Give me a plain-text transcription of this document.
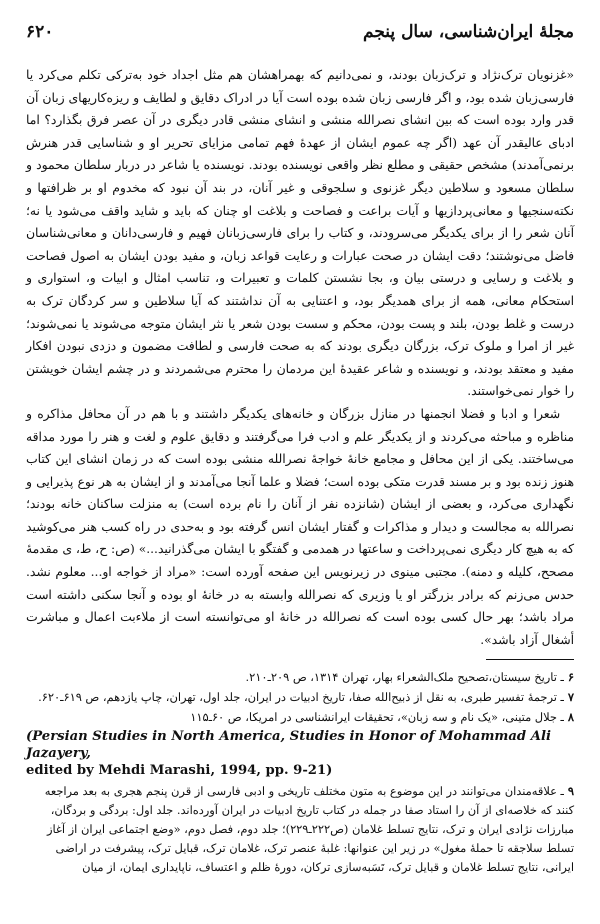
۶۲۰	مجلهٔ ایران‌شناسی، سال پنجم

«غزنویان ترک‌نژاد و ترک‌زبان بودند، و نمی‌دانیم که بهمراهشان هم مثل اجداد خود به‌ترکی تکلم می‌کرد یا فارسی‌زبان شده بود، و اگر فارسی زبان شده بوده است آیا در ادراک دقایق و لطایف و ریزه‌کاریهای زبان آن قدر وارد بوده است که بین انشای نصرالله منشی و انشای منشی قادر دیگری در آن عصر فرق بگذارد؟ اما ادبای عالیقدر آن عهد (اگر چه عموم ایشان از عهدهٔ فهم تمامی مزایای تحریر او و شناسایی قدر هنرش برنمی‌آمدند) مشخص حقیقی و مطلع نظر واقعی نویسنده بودند. نویسنده یا شاعر در دربار سلطان محمود و سلطان مسعود و سلاطین دیگر غزنوی و سلجوقی و غیر آنان، در بند آن نبود که مخدوم او بر ظرافتها و نکته‌سنجیها و معانی‌پردازیها و آیات براعت و فصاحت و بلاغت او چنان که باید و شاید واقف می‌شود یا نه؛ آنان شعر را از برای یکدیگر می‌سرودند، و کتاب را برای فارسی‌زبانان فهیم و فارسی‌دانان و معانی‌شناسان فاضل می‌نوشتند؛ دقت ایشان در صحت عبارات و رعایت قواعد زبان، و مفید بودن ایشان به اصول فصاحت و بلاغت و رسایی و درستی بیان و، بجا نشستن کلمات و تعبیرات و، تناسب امثال و ابیات و، استواری و استحکام معانی، همه از برای همدیگر بود، و اعتنایی به آن نداشتند که آیا سلاطین و سر کردگان ترک به درست و غلط بودن، بلند و پست بودن، محکم و سست بودن شعر یا نثر ایشان متوجه می‌شوند یا نمی‌شوند؛ غیر از امرا و ملوک ترک، بزرگان دیگری بودند که به صحت فارسی و لطافت مضمون و دزدی نبودن افکار مفید و معتقد بودند، و نویسنده و شاعر عقیدهٔ این مردمان را محترم می‌شمردند و در چشم ایشان خویشتن را خوار نمی‌خواستند.

شعرا و ادبا و فضلا انجمنها در منازل بزرگان و خانه‌های یکدیگر داشتند و با هم در آن محافل مذاکره و مناظره و مباحثه می‌کردند و از یکدیگر علم و ادب فرا می‌گرفتند و دقایق علوم و لغت و هنر را مورد مداقه می‌ساختند. یکی از این محافل و مجامع خانهٔ خواجهٔ نصرالله منشی بوده است که در زمان انشای این کتاب هنوز زنده بود و بر مسند قدرت متکی بوده است؛ فضلا و علما آنجا می‌آمدند و از ایشان به هر نوع پذیرایی و نگهداری می‌کرد، و بعضی از ایشان (شانزده نفر از آنان را نام برده است) به منزلت ساکنان خانه بودند؛ نصرالله به مجالست و دیدار و مذاکرات و گفتار ایشان انس گرفته بود و به‌حدی در راه کسب هنر می‌کوشید که به هیچ کار دیگری نمی‌پرداخت و ساعتها در همدمی و گفتگو با ایشان می‌گذرانید...» (ص: ح، ط، ی مقدمهٔ مصحح، کلیله و دمنه). مجتبی مینوی در زیرنویس این صفحه آورده است: «مراد از خواجه او... معلوم نشد. حدس می‌زنم که برادر بزرگتر او یا وزیری که نصرالله وابسته به در خانهٔ او بوده و آنجا سکنی داشته است مراد باشد؛ بهر حال کسی بوده است که نصرالله در خانهٔ او می‌توانسته است از ملاءبت اعمال و مباشرت أشغال آزاد باشد».

۶ـ تاریخ سیستان،تصحیح ملک‌الشعراء بهار، تهران ۱۳۱۴، ص ۲۰۹ـ۲۱۰.

۷ـ ترجمهٔ تفسیر طبری، به نقل از ذبیح‌الله صفا، تاریخ ادبیات در ایران، جلد اول، تهران، چاپ یازدهم، ص ۶۱۹ـ۶۲۰.

۸ـ جلال متینی، «یک نام و سه زبان»، تحقیقات ایرانشناسی در امریکا، ص ۶۰ـ۱۱۵

(Persian Studies in North America, Studies in Honor of Mohammad Ali Jazayery,
edited by Mehdi Marashi, 1994, pp. 9-21)

۹ـ علاقه‌مندان می‌توانند در این موضوع به متون مختلف تاریخی و ادبی فارسی از قرن پنجم هجری به بعد مراجعه کنند که خلاصه‌ای از آن را استاد صفا در جمله در کتاب تاریخ ادبیات در ایران آورده‌اند. جلد اول: بردگی و بردگان، مبارزات نژادی ایران و ترک، نتایج تسلط غلامان (ص۲۲۲ـ۲۲۹)؛ جلد دوم، فصل دوم، «وضع اجتماعی ایران از آغاز تسلط سلاجقه تا حملهٔ مغول» در زیر این عنوانها: غلبهٔ عنصر ترک، غلامان ترک، قبایل ترک، پیشرفت در اراضی ایرانی، نتایج تسلط غلامان و قبایل ترک، تَسَبه‌سازی ترکان، دورهٔ ظلم و اعتساف، ناپایداری ایمان، از میان
